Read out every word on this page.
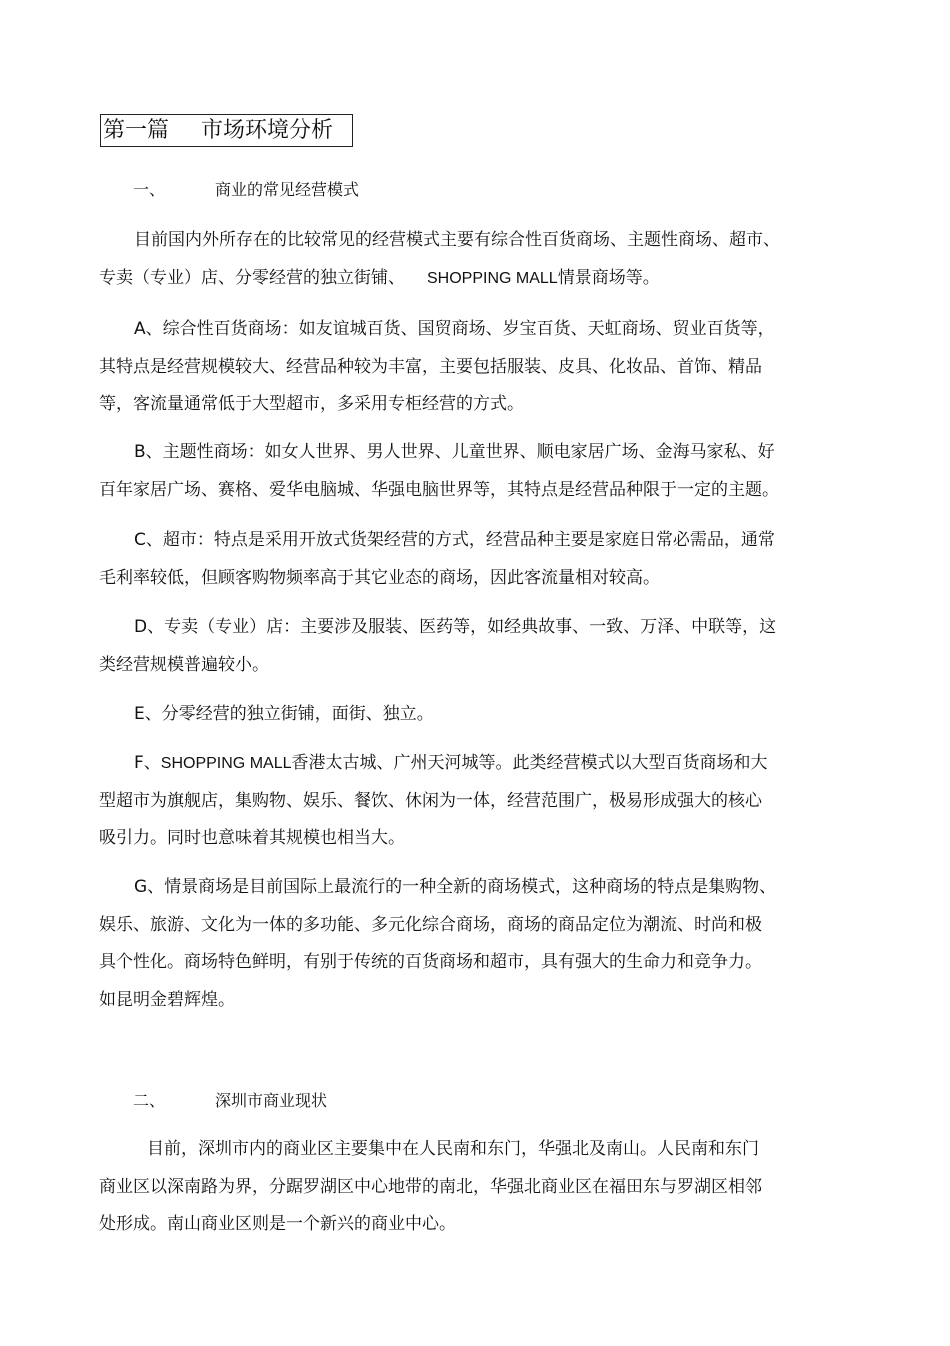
第一篇 市场环境分析
一、	商业的常见经营模式
目前国内外所存在的比较常见的经营模式主要有综合性百货商场、主题性商场、超市、
专卖（专业）店、分零经营的独立街铺、 SHOPPING MALL情景商场等。
A、综合性百货商场：如友谊城百货、国贸商场、岁宝百货、天虹商场、贸业百货等，
其特点是经营规模较大、经营品种较为丰富，主要包括服装、皮具、化妆品、首饰、精品
等，客流量通常低于大型超市，多采用专柜经营的方式。
B、主题性商场：如女人世界、男人世界、儿童世界、顺电家居广场、金海马家私、好
百年家居广场、赛格、爱华电脑城、华强电脑世界等，其特点是经营品种限于一定的主题。
C、超市：特点是采用开放式货架经营的方式，经营品种主要是家庭日常必需品，通常
毛利率较低，但顾客购物频率高于其它业态的商场，因此客流量相对较高。
D、专卖（专业）店：主要涉及服装、医药等，如经典故事、一致、万泽、中联等，这
类经营规模普遍较小。
E、分零经营的独立街铺，面街、独立。
F、SHOPPING MALL香港太古城、广州天河城等。此类经营模式以大型百货商场和大
型超市为旗舰店，集购物、娱乐、餐饮、休闲为一体，经营范围广，极易形成强大的核心
吸引力。同时也意味着其规模也相当大。
G、情景商场是目前国际上最流行的一种全新的商场模式，这种商场的特点是集购物、
娱乐、旅游、文化为一体的多功能、多元化综合商场，商场的商品定位为潮流、时尚和极
具个性化。商场特色鲜明，有别于传统的百货商场和超市，具有强大的生命力和竞争力。
如昆明金碧辉煌。
二、	深圳市商业现状
目前，深圳市内的商业区主要集中在人民南和东门，华强北及南山。人民南和东门
商业区以深南路为界，分踞罗湖区中心地带的南北，华强北商业区在福田东与罗湖区相邻
处形成。南山商业区则是一个新兴的商业中心。
